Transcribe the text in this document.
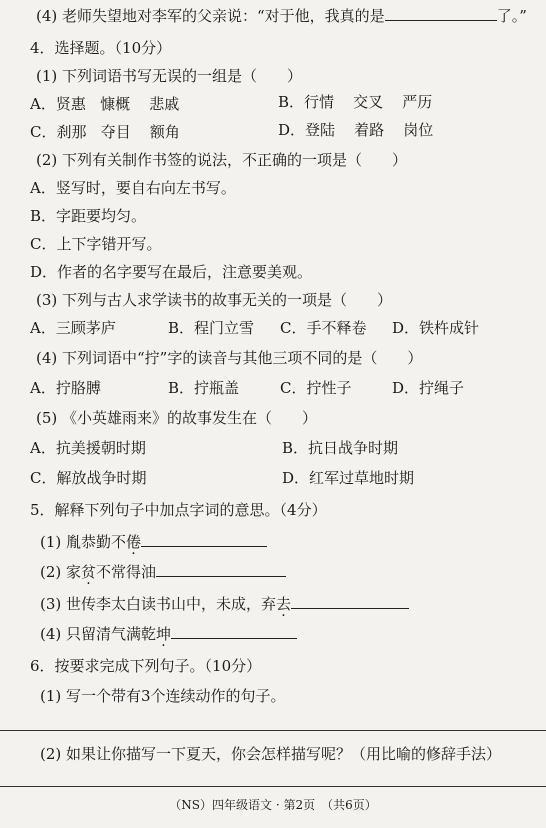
(4) 老师失望地对李军的父亲说：“对于他，我真的是	了。”
4．选择题。（10分）
(1) 下列词语书写无误的一组是（　　）
A．贤惠 慷概 悲戚	B．行情 交叉 严历
C．刹那 夺目 额角	D．登陆 着路 岗位
(2) 下列有关制作书签的说法，不正确的一项是（　　）
A．竖写时，要自右向左书写。
B．字距要均匀。
C．上下字错开写。
D．作者的名字要写在最后，注意要美观。
(3) 下列与古人求学读书的故事无关的一项是（　　）
A．三顾茅庐	B．程门立雪 C．手不释卷 D．铁杵成针
(4) 下列词语中“拧”字的读音与其他三项不同的是（　　）
A．拧胳膊	B．拧瓶盖	C．拧性子	D．拧绳子
(5) 《小英雄雨来》的故事发生在（　　）
A．抗美援朝时期	B．抗日战争时期
C．解放战争时期	D．红军过草地时期
5．解释下列句子中加点字词的意思。（4分）
(1) 胤恭勤不倦
(2) 家贫不常得油
(3) 世传李太白读书山中，未成，弃去
(4) 只留清气满乾坤
6．按要求完成下列句子。（10分）
(1) 写一个带有3个连续动作的句子。
(2) 如果让你描写一下夏天，你会怎样描写呢？（用比喻的修辞手法）
（NS）四年级语文 · 第2页　（共6页）
